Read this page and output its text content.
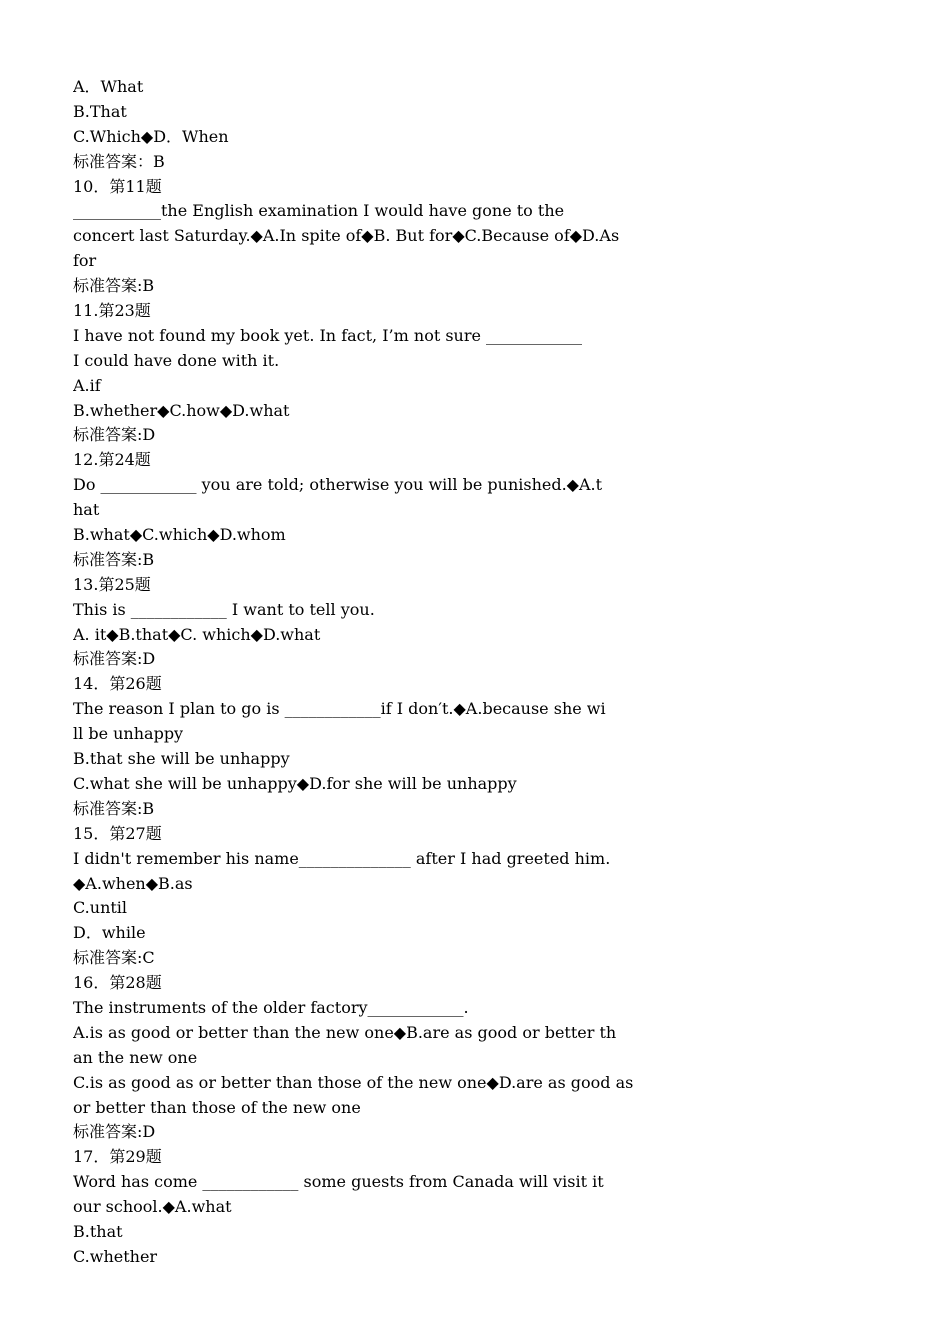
A．What
B.That
C.Which◆D．When
标准答案：B
10．第11题
___________the English examination I would have gone to the
concert last Saturday.◆A.In spite of◆B. But for◆C.Because of◆D.As
for
标准答案:B
11.第23题
I have not found my book yet. In fact, I’m not sure ____________
I could have done with it.
A.if
B.whether◆C.how◆D.what
标准答案:D
12.第24题
Do ____________ you are told; otherwise you will be punished.◆A.t
hat
B.what◆C.which◆D.whom
标准答案:B
13.第25题
This is ____________ I want to tell you.
A. it◆B.that◆C. which◆D.what
标准答案:D
14．第26题
The reason I plan to go is ____________if I don′t.◆A.because she wi
ll be unhappy
B.that she will be unhappy
C.what she will be unhappy◆D.for she will be unhappy
标准答案:B
15．第27题
I didn't remember his name______________ after I had greeted him.
◆A.when◆B.as
C.until
D．while
标准答案:C
16．第28题
The instruments of the older factory____________.
A.is as good or better than the new one◆B.are as good or better th
an the new one
C.is as good as or better than those of the new one◆D.are as good as
or better than those of the new one
标准答案:D
17．第29题
Word has come ____________ some guests from Canada will visit it
our school.◆A.what
B.that
C.whether
